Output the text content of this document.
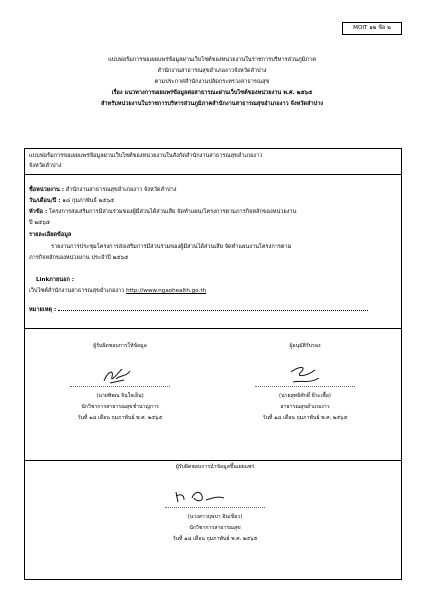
MOIT ๑๒ ข้อ ๒
แบบฟอร์มการขอเผยแพร่ข้อมูลผ่านเว็บไซต์ของหน่วยงานในราชการบริหารส่วนภูมิภาค
สำนักงานสาธารณสุขอำเภองาวจังหวัดลำปาง
ตามประกาศสำนักงานปลัดกระทรวงสาธารณสุข
เรื่อง แนวทางการเผยแพร่ข้อมูลต่อสาธารณะผ่านเว็บไซต์ของหน่วยงาน พ.ศ. ๒๕๖๕
สำหรับหน่วยงานในราชการบริหารส่วนภูมิภาคสำนักงานสาธารณสุขอำเภองาว จังหวัดลำปาง
แบบฟอร์มการขอเผยแพร่ข้อมูลผ่านเว็บไซต์ของหน่วยงานในสังกัดสำนักงานสาธารณสุขอำเภองาว
จังหวัดลำปาง
ชื่อหน่วยงาน : สำนักงานสาธารณสุขอำเภองาว จังหวัดลำปาง
วัน/เดือน/ปี : ๑๘ กุมภาพันธ์ ๒๕๖๕
หัวข้อ : โครงการส่งเสริมการมีส่วนร่วมของผู้มีส่วนได้ส่วนเสีย จัดทำแผน/โครงการตามภารกิจหลักของหน่วยงาน
ปี ๒๕๖๕
รายละเอียดข้อมูล
รายงานการประชุมโครงการส่งเสริมการมีส่วนร่วมของผู้มีส่วนได้ส่วนเสีย จัดทำแผนงานโครงการตาม
ภารกิจหลักของหน่วยงาน ประจำปี ๒๕๖๕
Linkภายนอก :
เว็บไซต์สำนักงานสาธารณสุขอำเภองาว http://www.ngaohealth.go.th
หมายเหตุ :
ผู้รับผิดชอบการให้ข้อมูล
(นายพิพณ จินใจเย็น)
นักวิชาการสาธารณสุขชำนาญการ
วันที่ ๑๘ เดือน กุมภาพันธ์ พ.ศ. ๒๕๖๕
ผู้อนุมัติรับรอง
(นายสุทธิศักดิ์ ธีระเชื้อ)
สาธารณสุขอำเภองาว
วันที่ ๑๘ เดือน กุมภาพันธ์ พ.ศ. ๒๕๖๕
ผู้รับผิดชอบการนำข้อมูลขึ้นเผยแพร่
(นางสาวบุษบา อินเขียว)
นักวิชาการสาธารณสุข
วันที่ ๑๘ เดือน กุมภาพันธ์ พ.ศ. ๒๕๖๕
